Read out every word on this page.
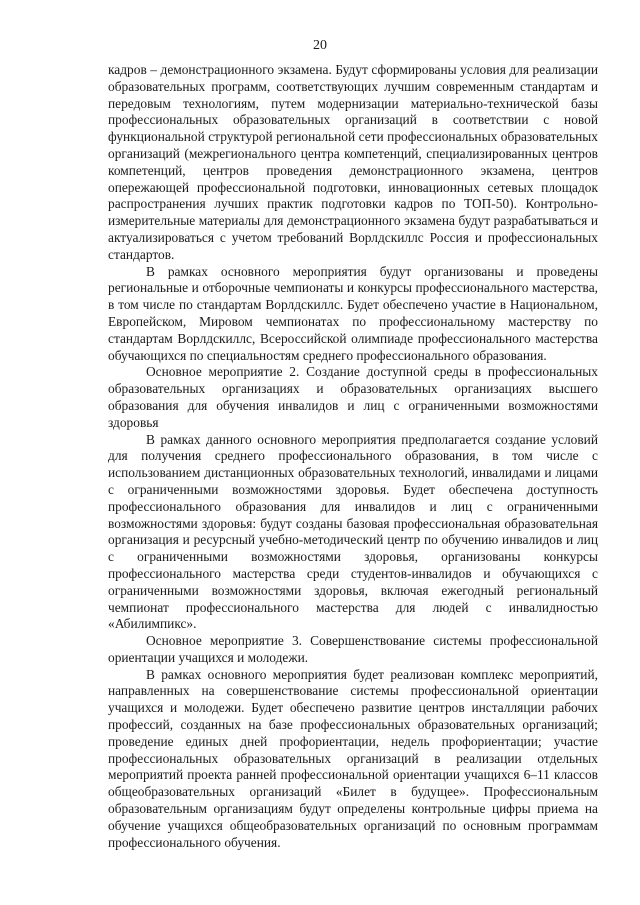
20

кадров – демонстрационного экзамена. Будут сформированы условия для реализации образовательных программ, соответствующих лучшим современным стандартам и передовым технологиям, путем модернизации материально-технической базы профессиональных образовательных организаций в соответствии с новой функциональной структурой региональной сети профессиональных образовательных организаций (межрегионального центра компетенций, специализированных центров компетенций, центров проведения демонстрационного экзамена, центров опережающей профессиональной подготовки, инновационных сетевых площадок распространения лучших практик подготовки кадров по ТОП-50). Контрольно-измерительные материалы для демонстрационного экзамена будут разрабатываться и актуализироваться с учетом требований Ворлдскиллс Россия и профессиональных стандартов.

В рамках основного мероприятия будут организованы и проведены региональные и отборочные чемпионаты и конкурсы профессионального мастерства, в том числе по стандартам Ворлдскиллс. Будет обеспечено участие в Национальном, Европейском, Мировом чемпионатах по профессиональному мастерству по стандартам Ворлдскиллс, Всероссийской олимпиаде профессионального мастерства обучающихся по специальностям среднего профессионального образования.

Основное мероприятие 2. Создание доступной среды в профессиональных образовательных организациях и образовательных организациях высшего образования для обучения инвалидов и лиц с ограниченными возможностями здоровья

В рамках данного основного мероприятия предполагается создание условий для получения среднего профессионального образования, в том числе с использованием дистанционных образовательных технологий, инвалидами и лицами с ограниченными возможностями здоровья. Будет обеспечена доступность профессионального образования для инвалидов и лиц с ограниченными возможностями здоровья: будут созданы базовая профессиональная образовательная организация и ресурсный учебно-методический центр по обучению инвалидов и лиц с ограниченными возможностями здоровья, организованы конкурсы профессионального мастерства среди студентов-инвалидов и обучающихся с ограниченными возможностями здоровья, включая ежегодный региональный чемпионат профессионального мастерства для людей с инвалидностью «Абилимпикс».

Основное мероприятие 3. Совершенствование системы профессиональной ориентации учащихся и молодежи.

В рамках основного мероприятия будет реализован комплекс мероприятий, направленных на совершенствование системы профессиональной ориентации учащихся и молодежи. Будет обеспечено развитие центров инсталляции рабочих профессий, созданных на базе профессиональных образовательных организаций; проведение единых дней профориентации, недель профориентации; участие профессиональных образовательных организаций в реализации отдельных мероприятий проекта ранней профессиональной ориентации учащихся 6–11 классов общеобразовательных организаций «Билет в будущее». Профессиональным образовательным организациям будут определены контрольные цифры приема на обучение учащихся общеобразовательных организаций по основным программам профессионального обучения.
